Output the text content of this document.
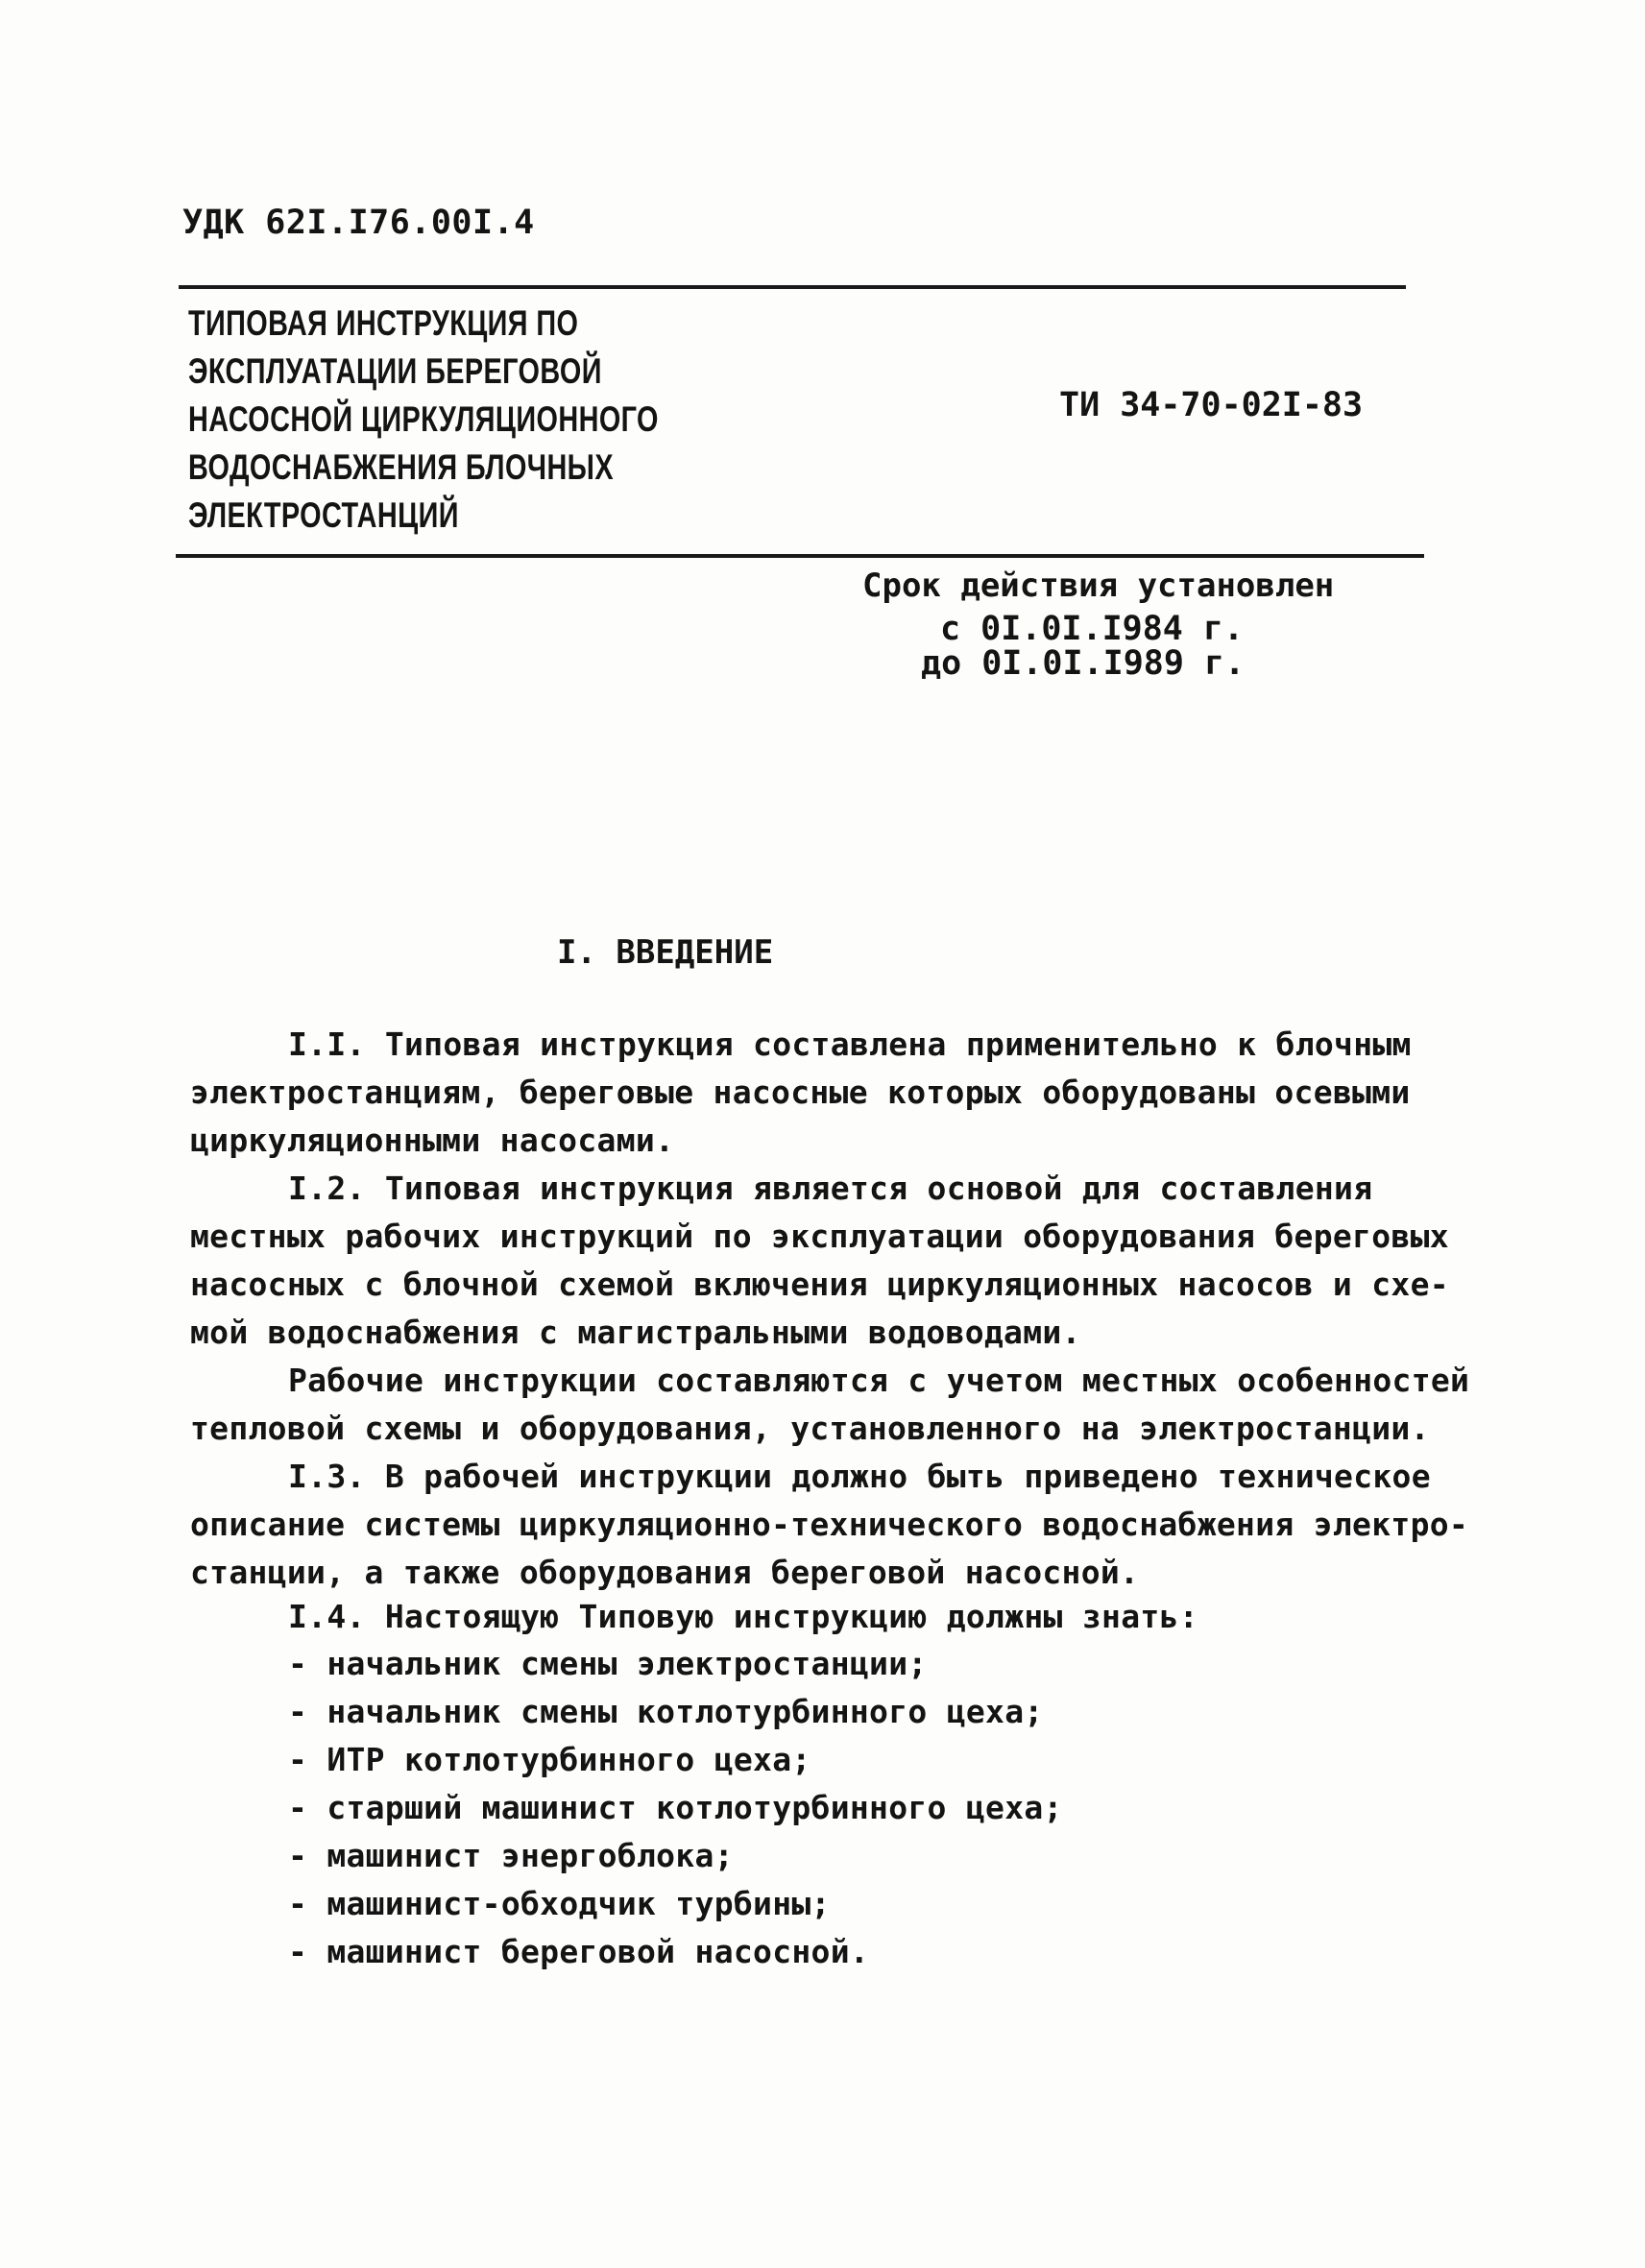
УДК 62I.I76.00I.4
ТИПОВАЯ ИНСТРУКЦИЯ ПО
ЭКСПЛУАТАЦИИ БЕРЕГОВОЙ
НАСОСНОЙ ЦИРКУЛЯЦИОННОГО
ВОДОСНАБЖЕНИЯ БЛОЧНЫХ
ЭЛЕКТРОСТАНЦИЙ
ТИ 34-70-02I-83
Срок действия установлен
с 0I.0I.I984 г.
до 0I.0I.I989 г.
I. ВВЕДЕНИЕ
I.I. Типовая инструкция составлена применительно к блочным
электростанциям, береговые насосные которых оборудованы осевыми
циркуляционными насосами.
I.2. Типовая инструкция является основой для составления
местных рабочих инструкций по эксплуатации оборудования береговых
насосных с блочной схемой включения циркуляционных насосов и схе-
мой водоснабжения с магистральными водоводами.
Рабочие инструкции составляются с учетом местных особенностей
тепловой схемы и оборудования, установленного на электростанции.
I.3. В рабочей инструкции должно быть приведено техническое
описание системы циркуляционно-технического водоснабжения электро-
станции, а также оборудования береговой насосной.
I.4. Настоящую Типовую инструкцию должны знать:
- начальник смены электростанции;
- начальник смены котлотурбинного цеха;
- ИТР котлотурбинного цеха;
- старший машинист котлотурбинного цеха;
- машинист энергоблока;
- машинист-обходчик турбины;
- машинист береговой насосной.
